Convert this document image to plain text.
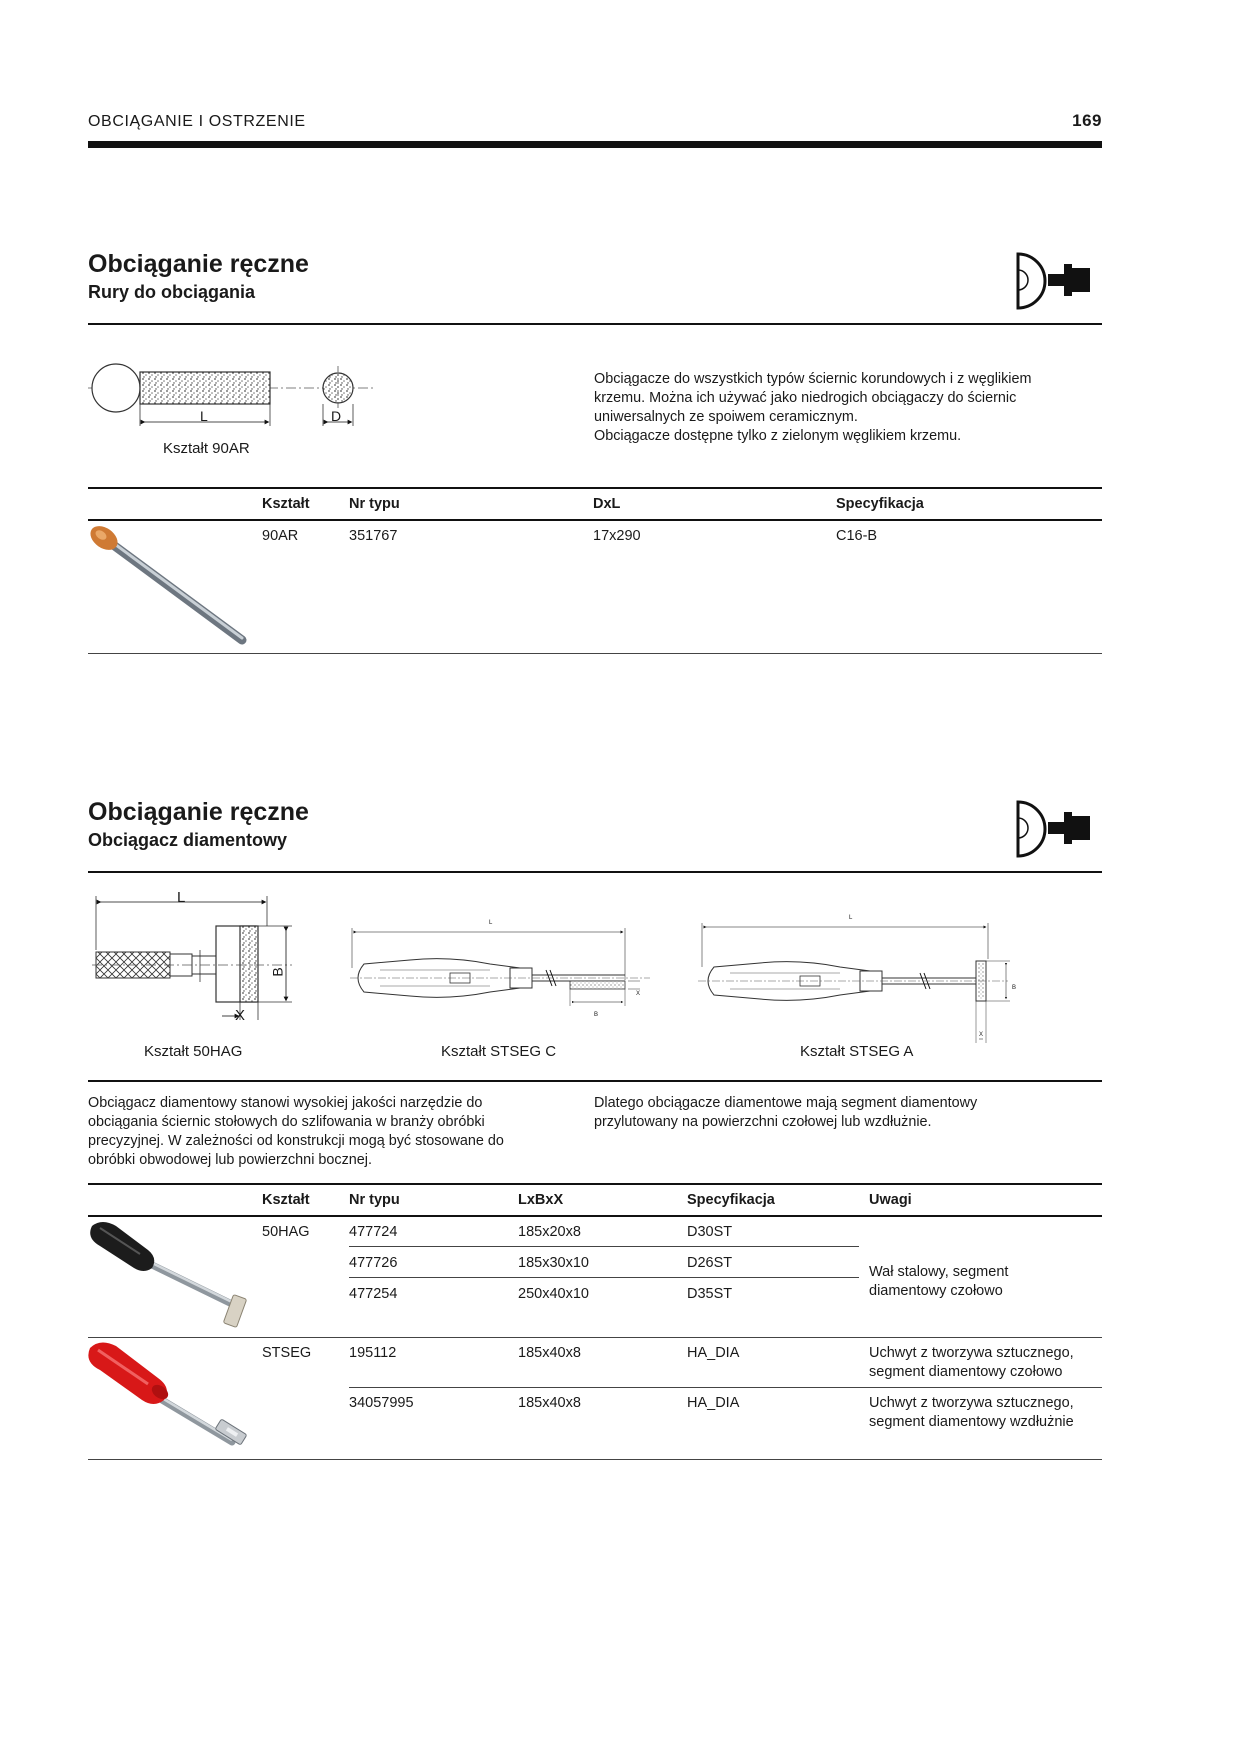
OBCIĄGANIE I OSTRZENIE	169
Obciąganie ręczne
Rury do obciągania
L	D
Kształt 90AR
Obciągacze do wszystkich typów ściernic korundowych i z węglikiem
krzemu. Można ich używać jako niedrogich obciągaczy do ściernic
uniwersalnych ze spoiwem ceramicznym.
Obciągacze dostępne tylko z zielonym węglikiem krzemu.
Kształt	Nr typu	DxL	Specyfikacja
90AR	351767	17x290	C16-B
Obciąganie ręczne
Obciągacz diamentowy
L
B
X
Kształt 50HAG
L
B
X
Kształt STSEG C
L
B
X
Kształt STSEG A
Obciągacz diamentowy stanowi wysokiej jakości narzędzie do
obciągania ściernic stołowych do szlifowania w branży obróbki
precyzyjnej. W zależności od konstrukcji mogą być stosowane do
obróbki obwodowej lub powierzchni bocznej.
Dlatego obciągacze diamentowe mają segment diamentowy
przylutowany na powierzchni czołowej lub wzdłużnie.
Kształt	Nr typu	LxBxX	Specyfikacja	Uwagi
50HAG	477724	185x20x8	D30ST
477726	185x30x10	D26ST
477254	250x40x10	D35ST
Wał stalowy, segment
diamentowy czołowo
STSEG	195112	185x40x8	HA_DIA	Uchwyt z tworzywa sztucznego,
segment diamentowy czołowo
34057995	185x40x8	HA_DIA	Uchwyt z tworzywa sztucznego,
segment diamentowy wzdłużnie
